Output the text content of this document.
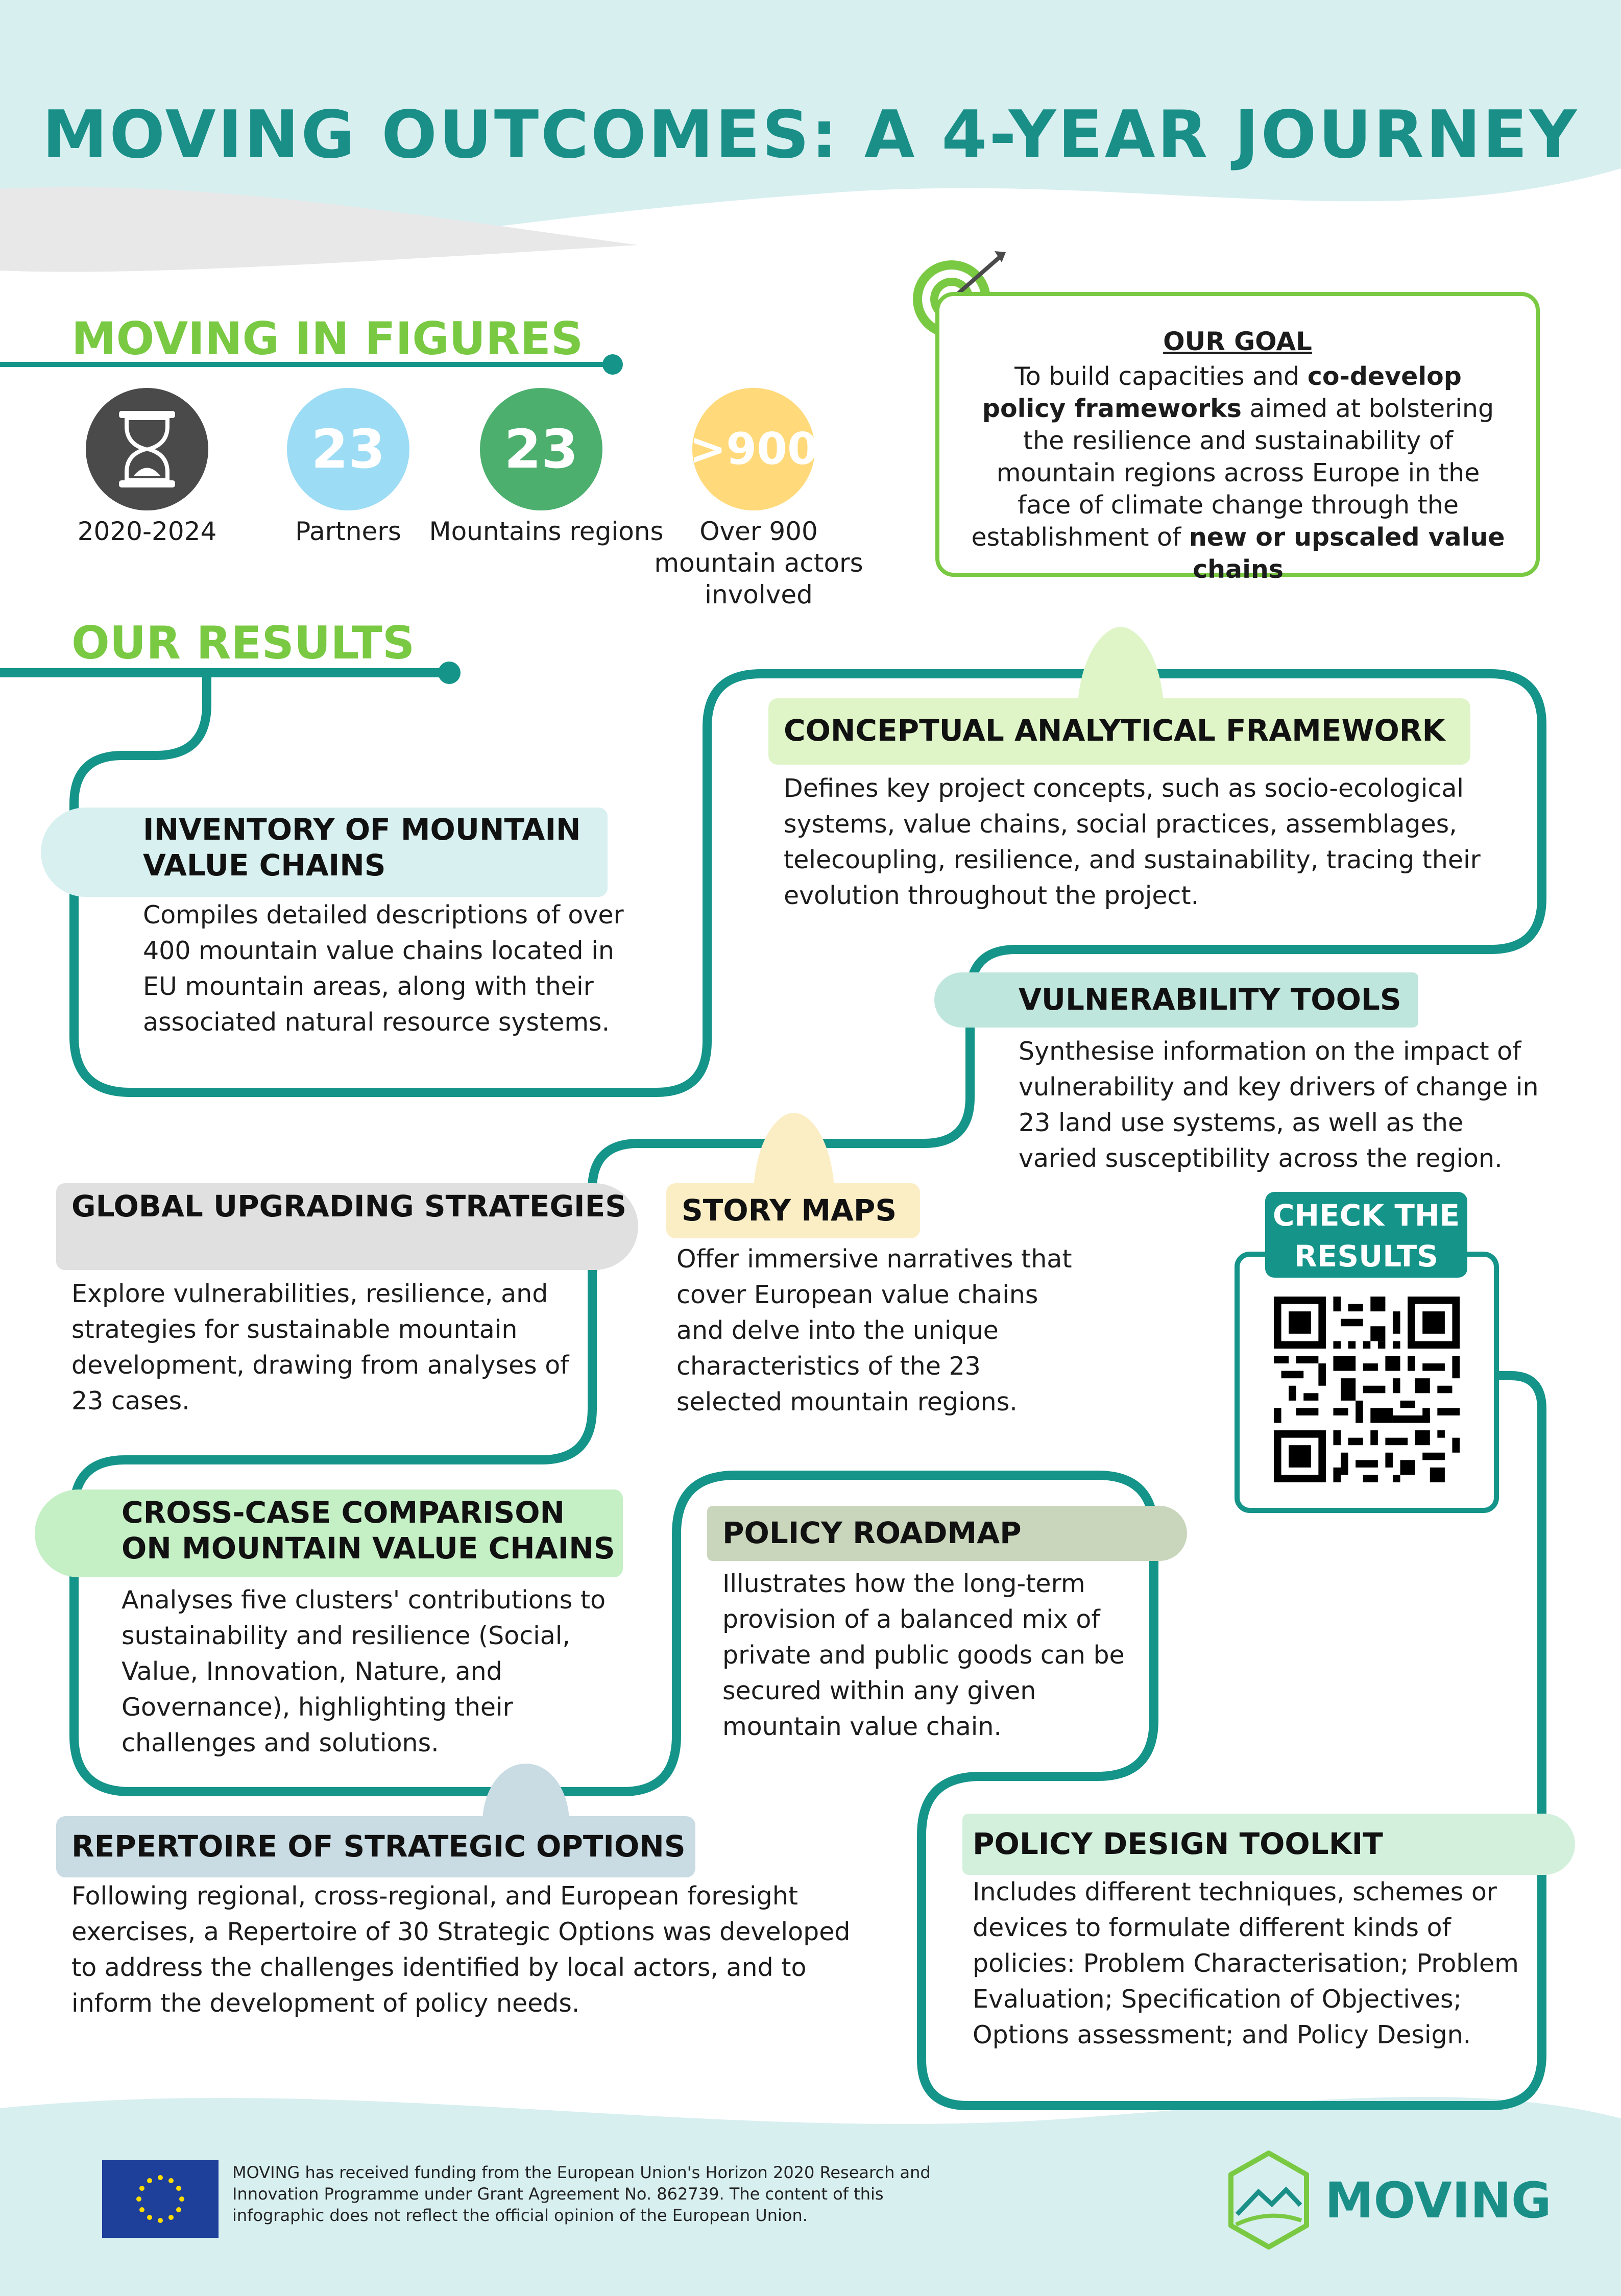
MOVING OUTCOMES: A 4-YEAR JOURNEY
MOVING IN FIGURES
2020-2024
23
Partners
23
Mountains regions
>900
Over 900 mountain actors involved
OUR GOAL
To build capacities and co-develop policy frameworks aimed at bolstering the resilience and sustainability of mountain regions across Europe in the face of climate change through the establishment of new or upscaled value chains
OUR RESULTS
INVENTORY OF MOUNTAIN VALUE CHAINS
Compiles detailed descriptions of over 400 mountain value chains located in EU mountain areas, along with their associated natural resource systems.
CONCEPTUAL ANALYTICAL FRAMEWORK
Defines key project concepts, such as socio-ecological systems, value chains, social practices, assemblages, telecoupling, resilience, and sustainability, tracing their evolution throughout the project.
VULNERABILITY TOOLS
Synthesise information on the impact of vulnerability and key drivers of change in 23 land use systems, as well as the varied susceptibility across the region.
GLOBAL UPGRADING STRATEGIES
Explore vulnerabilities, resilience, and strategies for sustainable mountain development, drawing from analyses of 23 cases.
STORY MAPS
Offer immersive narratives that cover European value chains and delve into the unique characteristics of the 23 selected mountain regions.
CROSS-CASE COMPARISON ON MOUNTAIN VALUE CHAINS
Analyses five clusters' contributions to sustainability and resilience (Social, Value, Innovation, Nature, and Governance), highlighting their challenges and solutions.
POLICY ROADMAP
Illustrates how the long-term provision of a balanced mix of private and public goods can be secured within any given mountain value chain.
REPERTOIRE OF STRATEGIC OPTIONS
Following regional, cross-regional, and European foresight exercises, a Repertoire of 30 Strategic Options was developed to address the challenges identified by local actors, and to inform the development of policy needs.
POLICY DESIGN TOOLKIT
Includes different techniques, schemes or devices to formulate different kinds of policies: Problem Characterisation; Problem Evaluation; Specification of Objectives; Options assessment; and Policy Design.
CHECK THE RESULTS
MOVING has received funding from the European Union's Horizon 2020 Research and Innovation Programme under Grant Agreement No. 862739. The content of this infographic does not reflect the official opinion of the European Union.	MOVING
